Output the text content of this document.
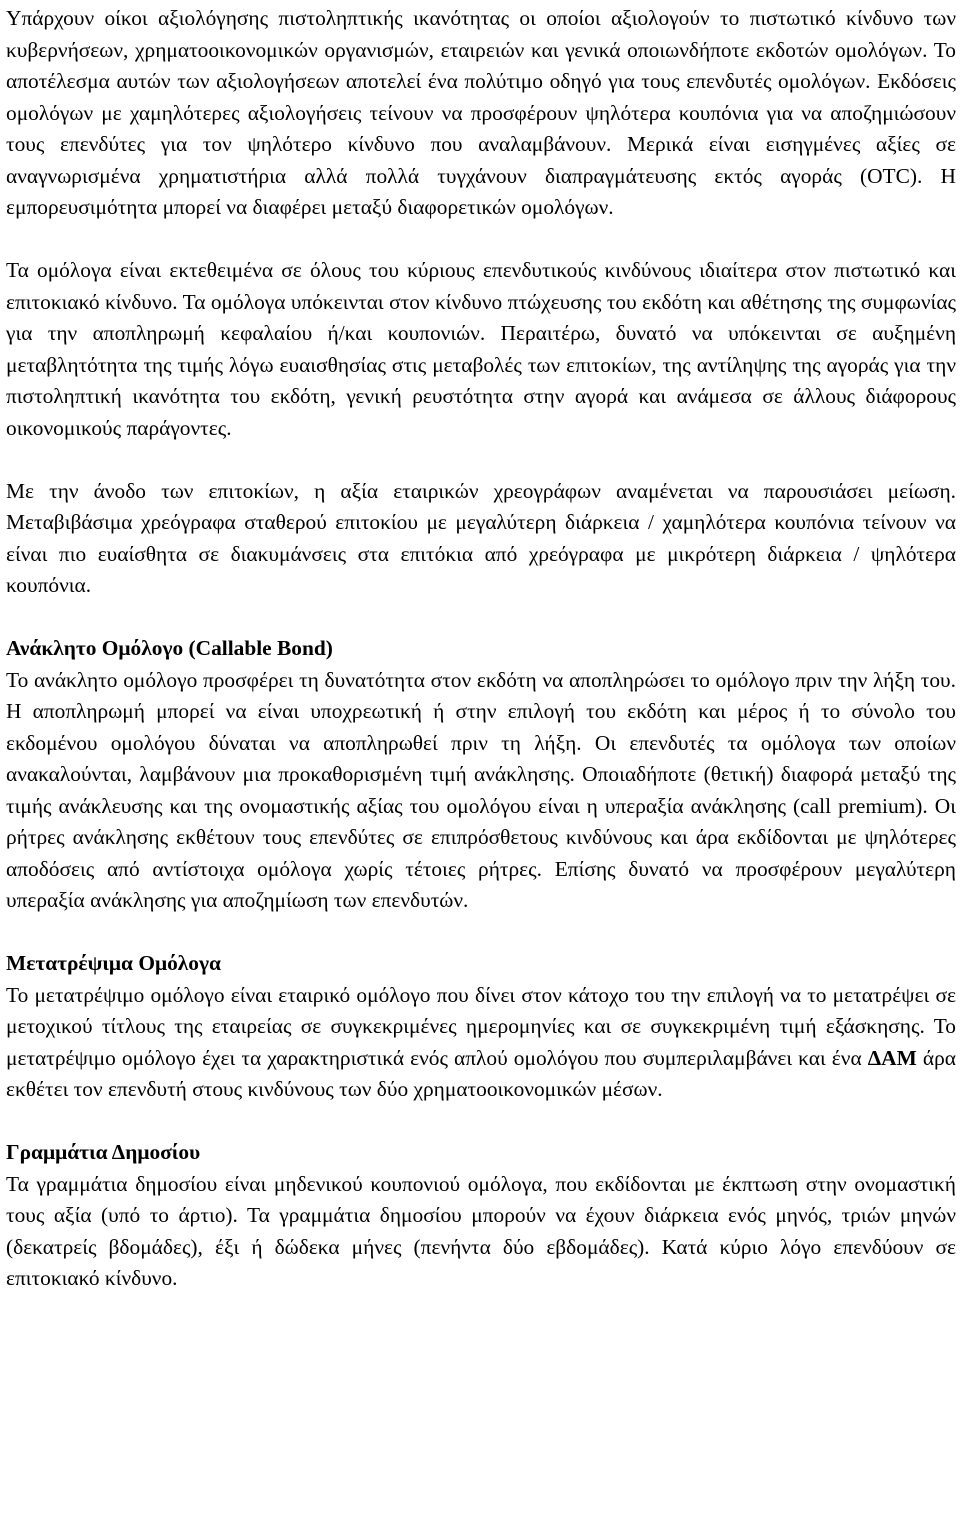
Υπάρχουν οίκοι αξιολόγησης πιστοληπτικής ικανότητας οι οποίοι αξιολογούν το πιστωτικό κίνδυνο των κυβερνήσεων, χρηματοοικονομικών οργανισμών, εταιρειών και γενικά οποιωνδήποτε εκδοτών ομολόγων. Το αποτέλεσμα αυτών των αξιολογήσεων αποτελεί ένα πολύτιμο οδηγό για τους επενδυτές ομολόγων. Εκδόσεις ομολόγων με χαμηλότερες αξιολογήσεις τείνουν να προσφέρουν ψηλότερα κουπόνια για να αποζημιώσουν τους επενδύτες για τον ψηλότερο κίνδυνο που αναλαμβάνουν. Μερικά είναι εισηγμένες αξίες σε αναγνωρισμένα χρηματιστήρια αλλά πολλά τυγχάνουν διαπραγμάτευσης εκτός αγοράς (OTC). Η εμπορευσιμότητα μπορεί να διαφέρει μεταξύ διαφορετικών ομολόγων.

Τα ομόλογα είναι εκτεθειμένα σε όλους του κύριους επενδυτικούς κινδύνους ιδιαίτερα στον πιστωτικό και επιτοκιακό κίνδυνο. Τα ομόλογα υπόκεινται στον κίνδυνο πτώχευσης του εκδότη και αθέτησης της συμφωνίας για την αποπληρωμή κεφαλαίου ή/και κουπονιών. Περαιτέρω, δυνατό να υπόκεινται σε αυξημένη μεταβλητότητα της τιμής λόγω ευαισθησίας στις μεταβολές των επιτοκίων, της αντίληψης της αγοράς για την πιστοληπτική ικανότητα του εκδότη, γενική ρευστότητα στην αγορά και ανάμεσα σε άλλους διάφορους οικονομικούς παράγοντες.

Με την άνοδο των επιτοκίων, η αξία εταιρικών χρεογράφων αναμένεται να παρουσιάσει μείωση. Μεταβιβάσιμα χρεόγραφα σταθερού επιτοκίου με μεγαλύτερη διάρκεια / χαμηλότερα κουπόνια τείνουν να είναι πιο ευαίσθητα σε διακυμάνσεις στα επιτόκια από χρεόγραφα με μικρότερη διάρκεια / ψηλότερα κουπόνια.

Ανάκλητο Ομόλογο (Callable Bond)

Το ανάκλητο ομόλογο προσφέρει τη δυνατότητα στον εκδότη να αποπληρώσει το ομόλογο πριν την λήξη του. Η αποπληρωμή μπορεί να είναι υποχρεωτική ή στην επιλογή του εκδότη και μέρος ή το σύνολο του εκδομένου ομολόγου δύναται να αποπληρωθεί πριν τη λήξη. Οι επενδυτές τα ομόλογα των οποίων ανακαλούνται, λαμβάνουν μια προκαθορισμένη τιμή ανάκλησης. Οποιαδήποτε (θετική) διαφορά μεταξύ της τιμής ανάκλευσης και της ονομαστικής αξίας του ομολόγου είναι η υπεραξία ανάκλησης (call premium). Οι ρήτρες ανάκλησης εκθέτουν τους επενδύτες σε επιπρόσθετους κινδύνους και άρα εκδίδονται με ψηλότερες αποδόσεις από αντίστοιχα ομόλογα χωρίς τέτοιες ρήτρες. Επίσης δυνατό να προσφέρουν μεγαλύτερη υπεραξία ανάκλησης για αποζημίωση των επενδυτών.

Μετατρέψιμα Ομόλογα

Το μετατρέψιμο ομόλογο είναι εταιρικό ομόλογο που δίνει στον κάτοχο του την επιλογή να το μετατρέψει σε μετοχικού τίτλους της εταιρείας σε συγκεκριμένες ημερομηνίες και σε συγκεκριμένη τιμή εξάσκησης. Το μετατρέψιμο ομόλογο έχει τα χαρακτηριστικά ενός απλού ομολόγου που συμπεριλαμβάνει και ένα ΔΑΜ άρα εκθέτει τον επενδυτή στους κινδύνους των δύο χρηματοοικονομικών μέσων.

Γραμμάτια Δημοσίου

Τα γραμμάτια δημοσίου είναι μηδενικού κουπονιού ομόλογα, που εκδίδονται με έκπτωση στην ονομαστική τους αξία (υπό το άρτιο). Τα γραμμάτια δημοσίου μπορούν να έχουν διάρκεια ενός μηνός, τριών μηνών (δεκατρείς βδομάδες), έξι ή δώδεκα μήνες (πενήντα δύο εβδομάδες). Κατά κύριο λόγο επενδύουν σε επιτοκιακό κίνδυνο.
